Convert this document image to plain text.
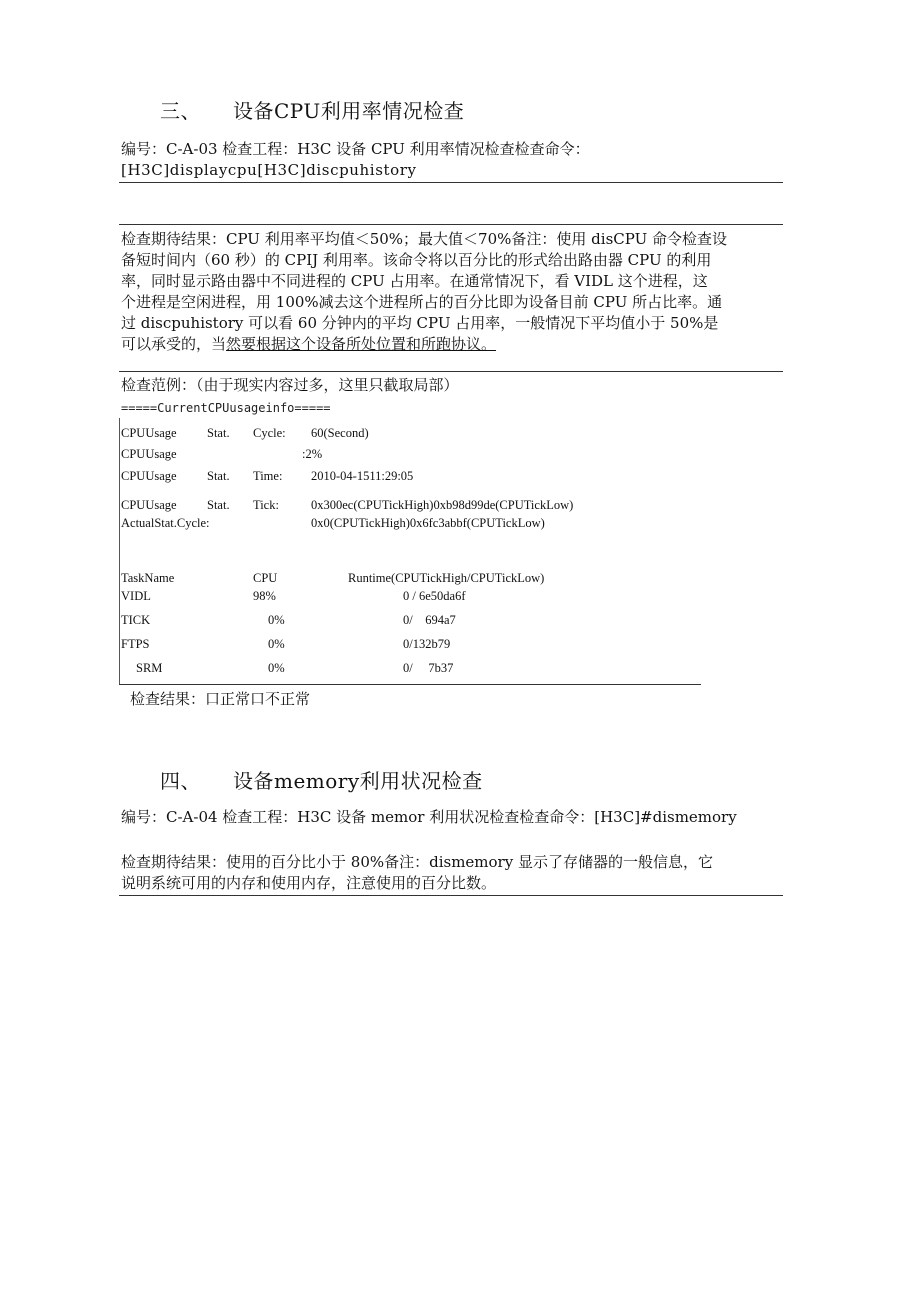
三、 设备CPU利用率情况检查
编号：C-A-03 检查工程：H3C 设备 CPU 利用率情况检查检查命令：
[H3C]displaycpu[H3C]discpuhistory
检查期待结果：CPU 利用率平均值＜50%；最大值＜70%备注：使用 disCPU 命令检查设
备短时间内（60 秒）的 CPIJ 利用率。该命令将以百分比的形式给出路由器 CPU 的利用
率，同时显示路由器中不同进程的 CPU 占用率。在通常情况下，看 VIDL 这个进程，这
个进程是空闲进程，用 100%减去这个进程所占的百分比即为设备目前 CPU 所占比率。通
过 discpuhistory 可以看 60 分钟内的平均 CPU 占用率，一般情况下平均值小于 50%是
可以承受的，当然要根据这个设备所处位置和所跑协议。
检查范例：（由于现实内容过多，这里只截取局部）
=====CurrentCPUusageinfo=====
CPUUsage Stat. Cycle: 60(Second)
CPUUsage	:2%
CPUUsage Stat. Time: 2010-04-1511:29:05
CPUUsage Stat. Tick:	0x300ec(CPUTickHigh)0xb98d99de(CPUTickLow)
ActualStat.Cycle:	0x0(CPUTickHigh)0x6fc3abbf(CPUTickLow)
TaskName	CPU	Runtime(CPUTickHigh/CPUTickLow)
VIDL	98%	0 / 6e50da6f
TICK	0%	0/    694a7
FTPS	0%	0/132b79
SRM	0%	0/     7b37
检查结果：口正常口不正常
四、 设备memory利用状况检查
编号：C-A-04 检查工程：H3C 设备 memor 利用状况检查检查命令：[H3C]#dismemory
检查期待结果：使用的百分比小于 80%备注：dismemory 显示了存储器的一般信息，它
说明系统可用的内存和使用内存，注意使用的百分比数。
